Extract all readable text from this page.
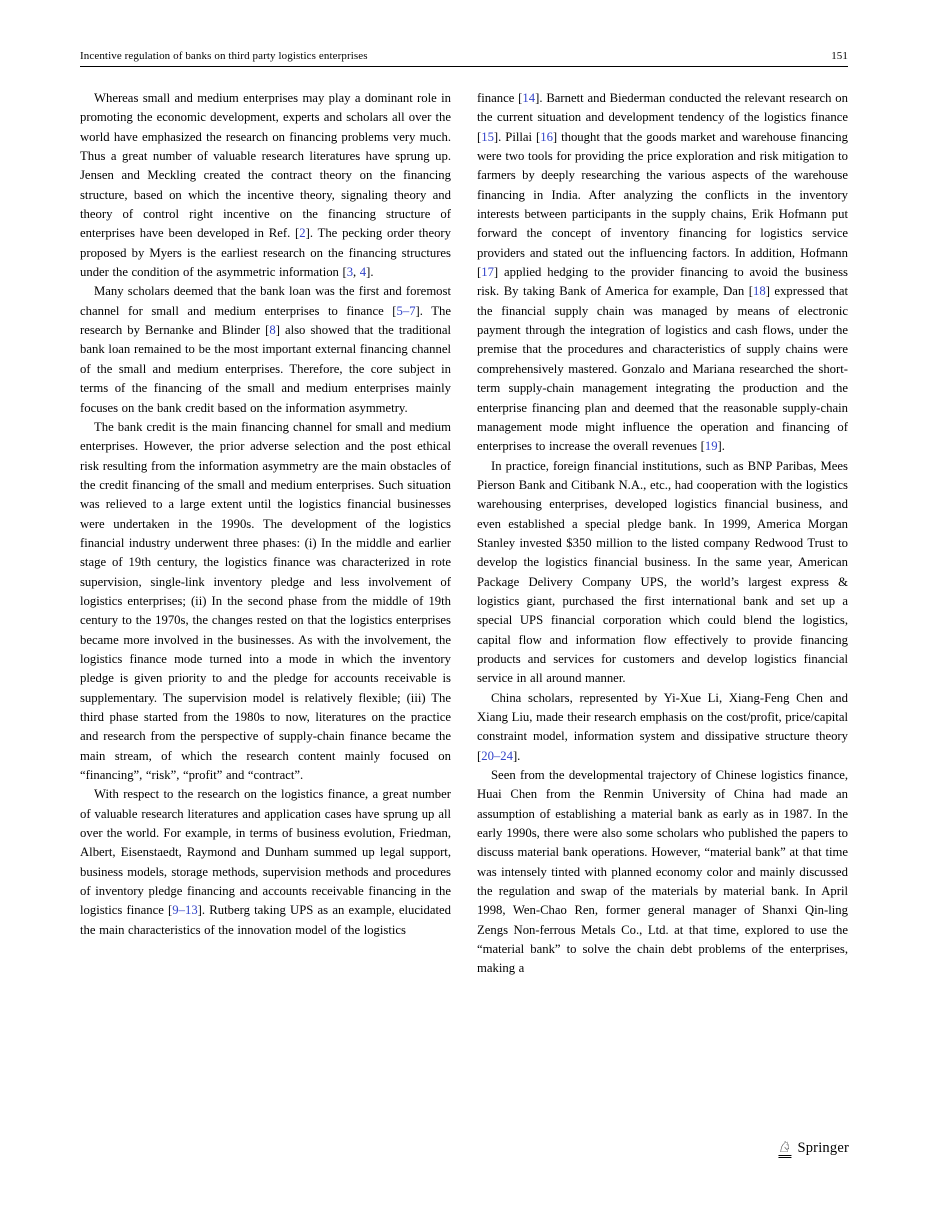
Incentive regulation of banks on third party logistics enterprises	151

Whereas small and medium enterprises may play a dominant role in promoting the economic development, experts and scholars all over the world have emphasized the research on financing problems very much. Thus a great number of valuable research literatures have sprung up. Jensen and Meckling created the contract theory on the financing structure, based on which the incentive theory, signaling theory and theory of control right incentive on the financing structure of enterprises have been developed in Ref. [2]. The pecking order theory proposed by Myers is the earliest research on the financing structures under the condition of the asymmetric information [3, 4].

Many scholars deemed that the bank loan was the first and foremost channel for small and medium enterprises to finance [5–7]. The research by Bernanke and Blinder [8] also showed that the traditional bank loan remained to be the most important external financing channel of the small and medium enterprises. Therefore, the core subject in terms of the financing of the small and medium enterprises mainly focuses on the bank credit based on the information asymmetry.

The bank credit is the main financing channel for small and medium enterprises. However, the prior adverse selection and the post ethical risk resulting from the information asymmetry are the main obstacles of the credit financing of the small and medium enterprises. Such situation was relieved to a large extent until the logistics financial businesses were undertaken in the 1990s. The development of the logistics financial industry underwent three phases: (i) In the middle and earlier stage of 19th century, the logistics finance was characterized in rote supervision, single-link inventory pledge and less involvement of logistics enterprises; (ii) In the second phase from the middle of 19th century to the 1970s, the changes rested on that the logistics enterprises became more involved in the businesses. As with the involvement, the logistics finance mode turned into a mode in which the inventory pledge is given priority to and the pledge for accounts receivable is supplementary. The supervision model is relatively flexible; (iii) The third phase started from the 1980s to now, literatures on the practice and research from the perspective of supply-chain finance became the main stream, of which the research content mainly focused on “financing”, “risk”, “profit” and “contract”.

With respect to the research on the logistics finance, a great number of valuable research literatures and application cases have sprung up all over the world. For example, in terms of business evolution, Friedman, Albert, Eisenstaedt, Raymond and Dunham summed up legal support, business models, storage methods, supervision methods and procedures of inventory pledge financing and accounts receivable financing in the logistics finance [9–13]. Rutberg taking UPS as an example, elucidated the main characteristics of the innovation model of the logistics

finance [14]. Barnett and Biederman conducted the relevant research on the current situation and development tendency of the logistics finance [15]. Pillai [16] thought that the goods market and warehouse financing were two tools for providing the price exploration and risk mitigation to farmers by deeply researching the various aspects of the warehouse financing in India. After analyzing the conflicts in the inventory interests between participants in the supply chains, Erik Hofmann put forward the concept of inventory financing for logistics service providers and stated out the influencing factors. In addition, Hofmann [17] applied hedging to the provider financing to avoid the business risk. By taking Bank of America for example, Dan [18] expressed that the financial supply chain was managed by means of electronic payment through the integration of logistics and cash flows, under the premise that the procedures and characteristics of supply chains were comprehensively mastered. Gonzalo and Mariana researched the short-term supply-chain management integrating the production and the enterprise financing plan and deemed that the reasonable supply-chain management mode might influence the operation and financing of enterprises to increase the overall revenues [19].

In practice, foreign financial institutions, such as BNP Paribas, Mees Pierson Bank and Citibank N.A., etc., had cooperation with the logistics warehousing enterprises, developed logistics financial business, and even established a special pledge bank. In 1999, America Morgan Stanley invested $350 million to the listed company Redwood Trust to develop the logistics financial business. In the same year, American Package Delivery Company UPS, the world’s largest express & logistics giant, purchased the first international bank and set up a special UPS financial corporation which could blend the logistics, capital flow and information flow effectively to provide financing products and services for customers and develop logistics financial service in all around manner.

China scholars, represented by Yi-Xue Li, Xiang-Feng Chen and Xiang Liu, made their research emphasis on the cost/profit, price/capital constraint model, information system and dissipative structure theory [20–24].

Seen from the developmental trajectory of Chinese logistics finance, Huai Chen from the Renmin University of China had made an assumption of establishing a material bank as early as in 1987. In the early 1990s, there were also some scholars who published the papers to discuss material bank operations. However, “material bank” at that time was intensely tinted with planned economy color and mainly discussed the regulation and swap of the materials by material bank. In April 1998, Wen-Chao Ren, former general manager of Shanxi Qin-ling Zengs Non-ferrous Metals Co., Ltd. at that time, explored to use the “material bank” to solve the chain debt problems of the enterprises, making a

♘ Springer
